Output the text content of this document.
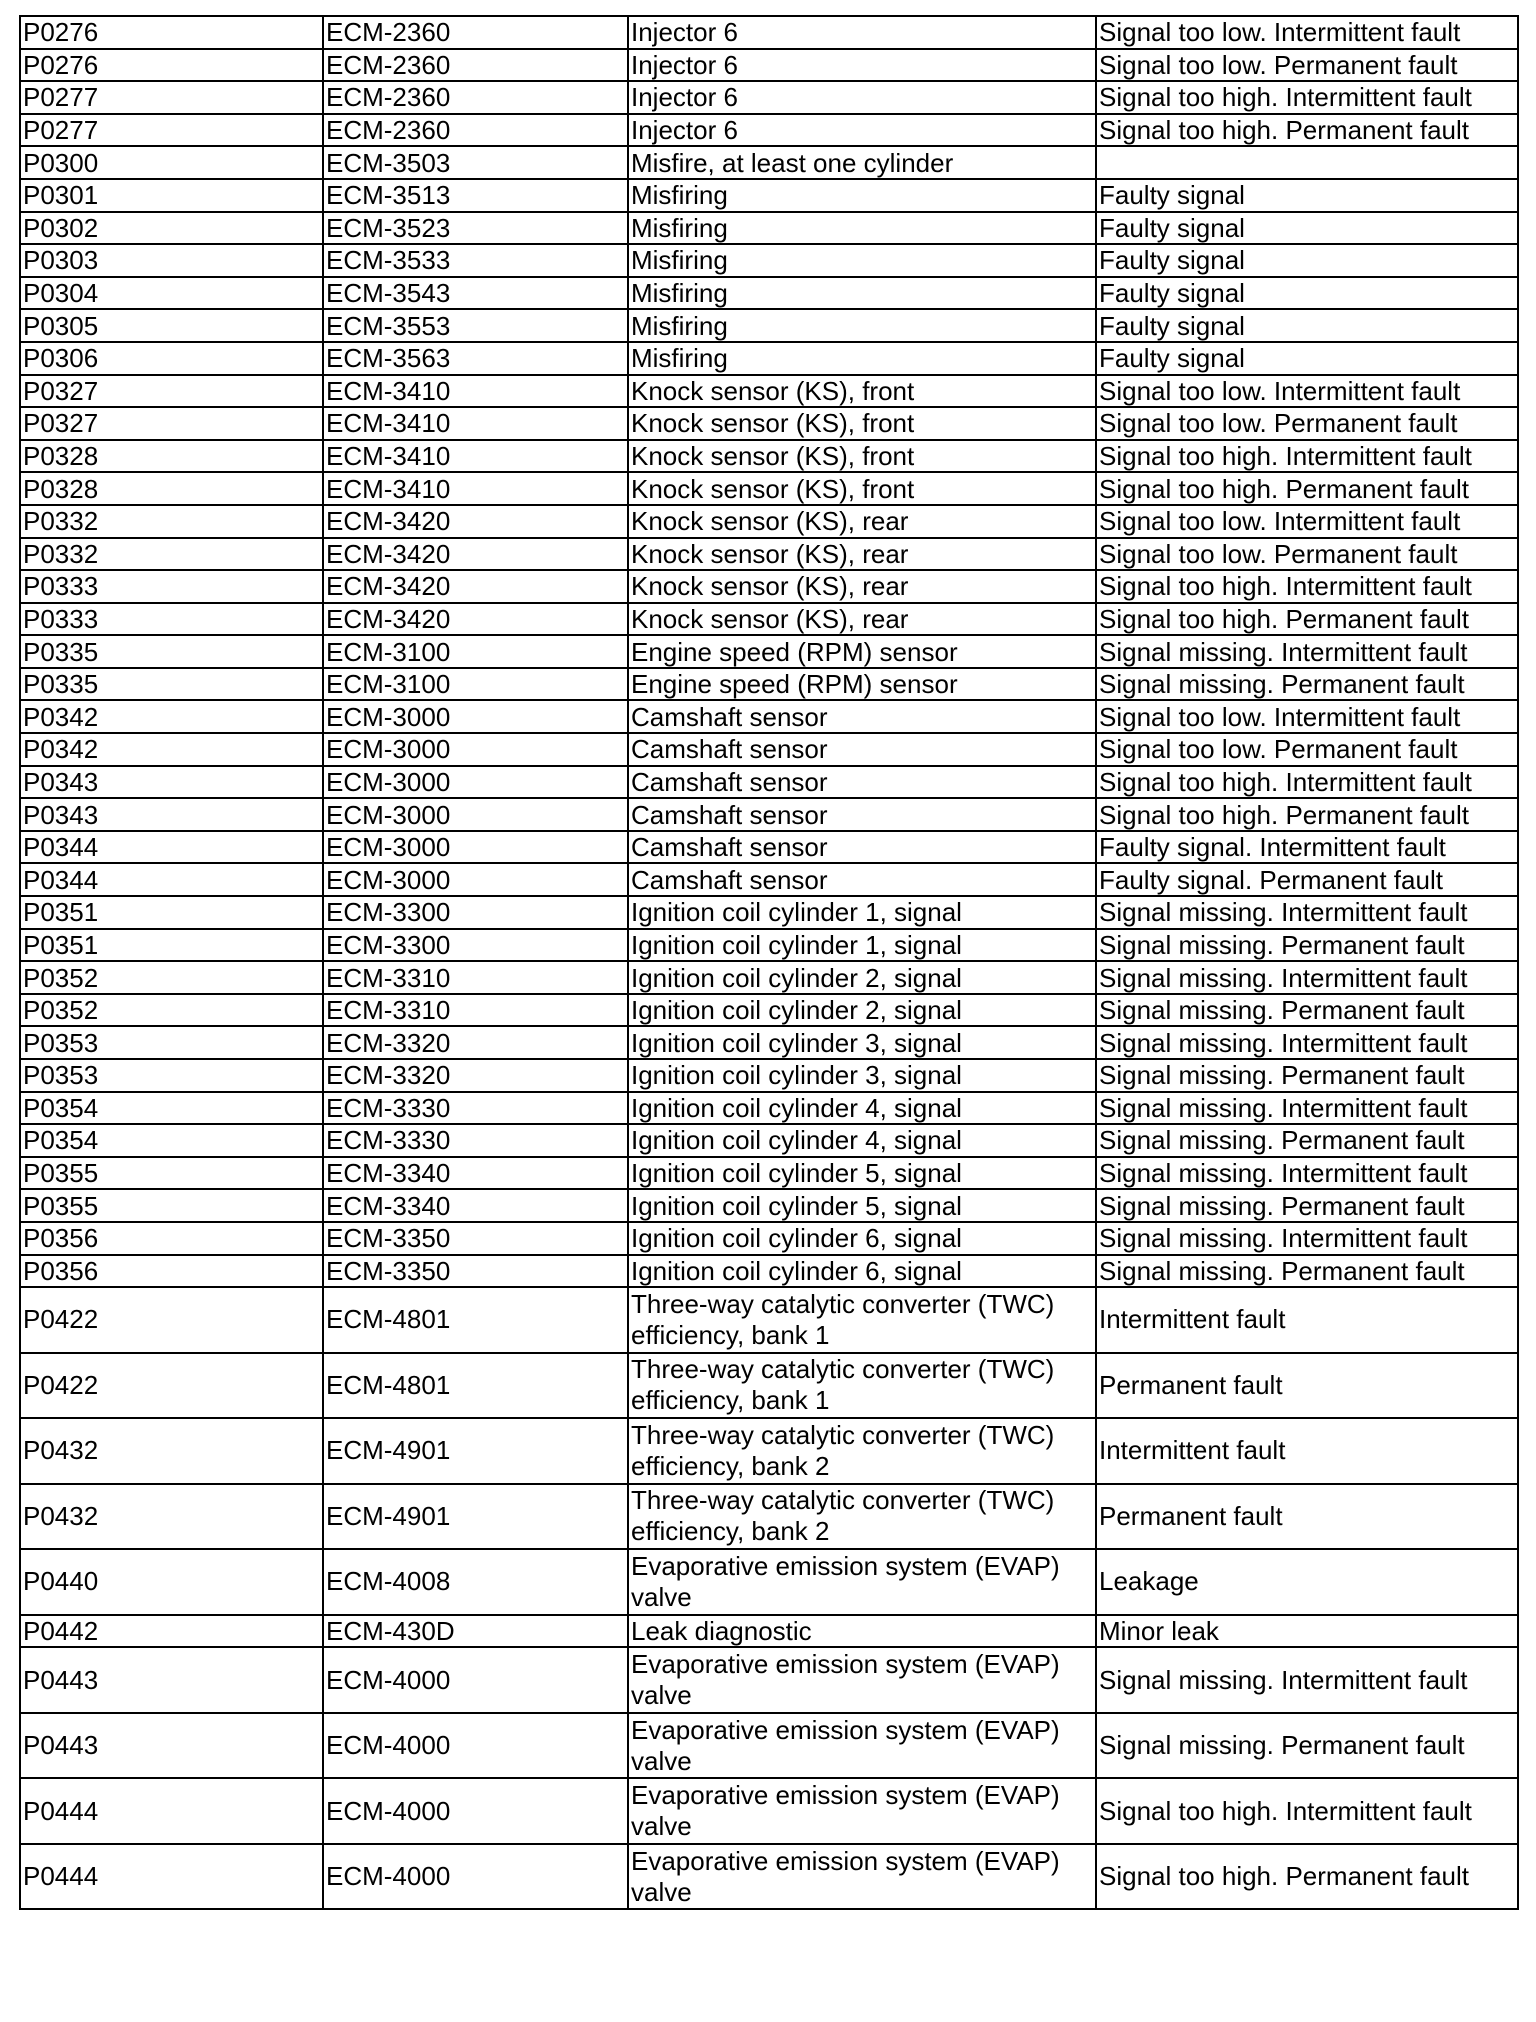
P0276	ECM-2360	Injector 6	Signal too low. Intermittent fault
P0276	ECM-2360	Injector 6	Signal too low. Permanent fault
P0277	ECM-2360	Injector 6	Signal too high. Intermittent fault
P0277	ECM-2360	Injector 6	Signal too high. Permanent fault
P0300	ECM-3503	Misfire, at least one cylinder	
P0301	ECM-3513	Misfiring	Faulty signal
P0302	ECM-3523	Misfiring	Faulty signal
P0303	ECM-3533	Misfiring	Faulty signal
P0304	ECM-3543	Misfiring	Faulty signal
P0305	ECM-3553	Misfiring	Faulty signal
P0306	ECM-3563	Misfiring	Faulty signal
P0327	ECM-3410	Knock sensor (KS), front	Signal too low. Intermittent fault
P0327	ECM-3410	Knock sensor (KS), front	Signal too low. Permanent fault
P0328	ECM-3410	Knock sensor (KS), front	Signal too high. Intermittent fault
P0328	ECM-3410	Knock sensor (KS), front	Signal too high. Permanent fault
P0332	ECM-3420	Knock sensor (KS), rear	Signal too low. Intermittent fault
P0332	ECM-3420	Knock sensor (KS), rear	Signal too low. Permanent fault
P0333	ECM-3420	Knock sensor (KS), rear	Signal too high. Intermittent fault
P0333	ECM-3420	Knock sensor (KS), rear	Signal too high. Permanent fault
P0335	ECM-3100	Engine speed (RPM) sensor	Signal missing. Intermittent fault
P0335	ECM-3100	Engine speed (RPM) sensor	Signal missing. Permanent fault
P0342	ECM-3000	Camshaft sensor	Signal too low. Intermittent fault
P0342	ECM-3000	Camshaft sensor	Signal too low. Permanent fault
P0343	ECM-3000	Camshaft sensor	Signal too high. Intermittent fault
P0343	ECM-3000	Camshaft sensor	Signal too high. Permanent fault
P0344	ECM-3000	Camshaft sensor	Faulty signal. Intermittent fault
P0344	ECM-3000	Camshaft sensor	Faulty signal. Permanent fault
P0351	ECM-3300	Ignition coil cylinder 1, signal	Signal missing. Intermittent fault
P0351	ECM-3300	Ignition coil cylinder 1, signal	Signal missing. Permanent fault
P0352	ECM-3310	Ignition coil cylinder 2, signal	Signal missing. Intermittent fault
P0352	ECM-3310	Ignition coil cylinder 2, signal	Signal missing. Permanent fault
P0353	ECM-3320	Ignition coil cylinder 3, signal	Signal missing. Intermittent fault
P0353	ECM-3320	Ignition coil cylinder 3, signal	Signal missing. Permanent fault
P0354	ECM-3330	Ignition coil cylinder 4, signal	Signal missing. Intermittent fault
P0354	ECM-3330	Ignition coil cylinder 4, signal	Signal missing. Permanent fault
P0355	ECM-3340	Ignition coil cylinder 5, signal	Signal missing. Intermittent fault
P0355	ECM-3340	Ignition coil cylinder 5, signal	Signal missing. Permanent fault
P0356	ECM-3350	Ignition coil cylinder 6, signal	Signal missing. Intermittent fault
P0356	ECM-3350	Ignition coil cylinder 6, signal	Signal missing. Permanent fault
P0422	ECM-4801	Three-way catalytic converter (TWC) efficiency, bank 1	Intermittent fault
P0422	ECM-4801	Three-way catalytic converter (TWC) efficiency, bank 1	Permanent fault
P0432	ECM-4901	Three-way catalytic converter (TWC) efficiency, bank 2	Intermittent fault
P0432	ECM-4901	Three-way catalytic converter (TWC) efficiency, bank 2	Permanent fault
P0440	ECM-4008	Evaporative emission system (EVAP) valve	Leakage
P0442	ECM-430D	Leak diagnostic	Minor leak
P0443	ECM-4000	Evaporative emission system (EVAP) valve	Signal missing. Intermittent fault
P0443	ECM-4000	Evaporative emission system (EVAP) valve	Signal missing. Permanent fault
P0444	ECM-4000	Evaporative emission system (EVAP) valve	Signal too high. Intermittent fault
P0444	ECM-4000	Evaporative emission system (EVAP) valve	Signal too high. Permanent fault
